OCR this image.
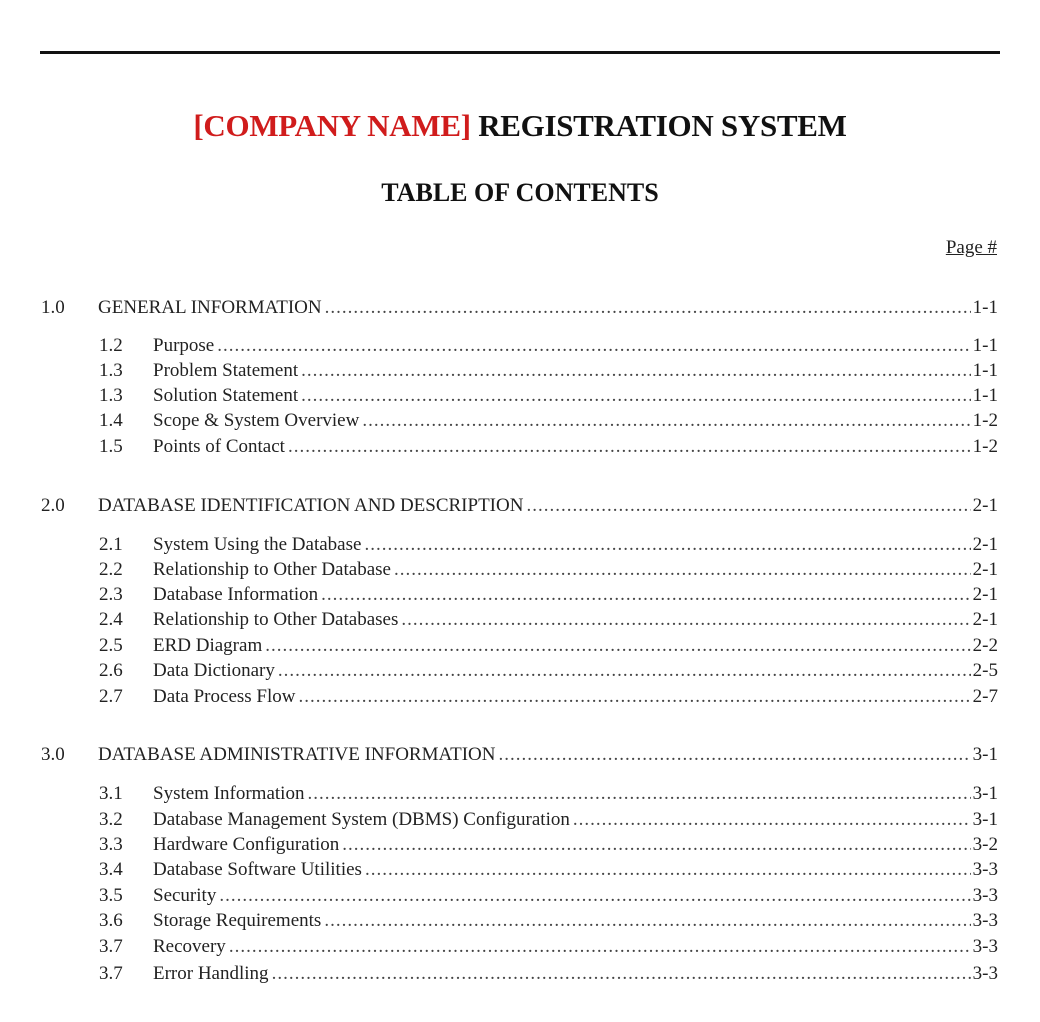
[COMPANY NAME] REGISTRATION SYSTEM
TABLE OF CONTENTS
Page #
1.0	GENERAL INFORMATION .....	1-1
1.2	Purpose .....	1-1
1.3	Problem Statement .....	1-1
1.3	Solution Statement .....	1-1
1.4	Scope & System Overview .....	1-2
1.5	Points of Contact .....	1-2
2.0	DATABASE IDENTIFICATION AND DESCRIPTION .....	2-1
2.1	System Using the Database .....	2-1
2.2	Relationship to Other Database .....	2-1
2.3	Database Information .....	2-1
2.4	Relationship to Other Databases .....	2-1
2.5	ERD Diagram .....	2-2
2.6	Data Dictionary .....	2-5
2.7	Data Process Flow .....	2-7
3.0	DATABASE ADMINISTRATIVE INFORMATION .....	3-1
3.1	System Information .....	3-1
3.2	Database Management System (DBMS) Configuration .....	3-1
3.3	Hardware Configuration .....	3-2
3.4	Database Software Utilities .....	3-3
3.5	Security .....	3-3
3.6	Storage Requirements .....	3-3
3.7	Recovery .....	3-3
3.7	Error Handling .....	3-3
